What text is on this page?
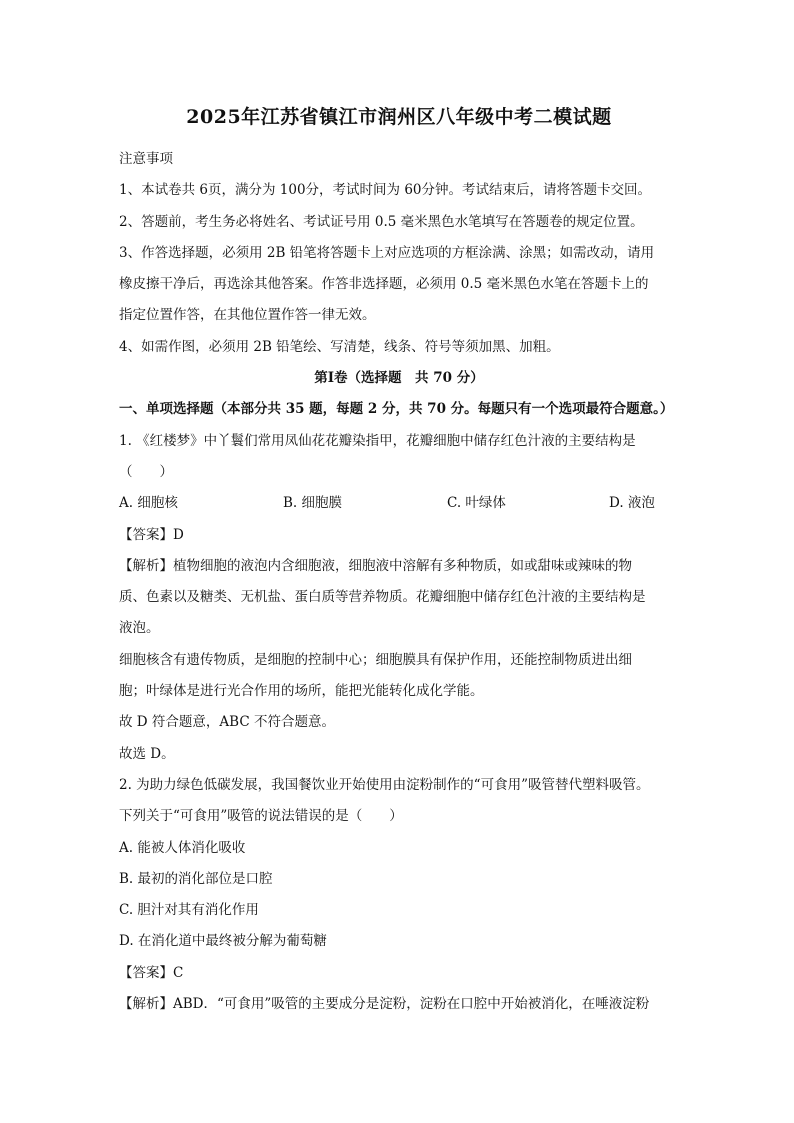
2025年江苏省镇江市润州区八年级中考二模试题
注意事项
1、本试卷共 6页，满分为 100分，考试时间为 60分钟。考试结束后，请将答题卡交回。
2、答题前，考生务必将姓名、考试证号用 0.5 毫米黑色水笔填写在答题卷的规定位置。
3、作答选择题，必须用 2B 铅笔将答题卡上对应选项的方框涂满、涂黑；如需改动，请用
橡皮擦干净后，再选涂其他答案。作答非选择题，必须用 0.5 毫米黑色水笔在答题卡上的
指定位置作答，在其他位置作答一律无效。
4、如需作图，必须用 2B 铅笔绘、写清楚，线条、符号等须加黑、加粗。
第Ⅰ卷（选择题　共 70 分）
一、单项选择题（本部分共 35 题，每题 2 分，共 70 分。每题只有一个选项最符合题意。）
1. 《红楼梦》中丫鬟们常用凤仙花花瓣染指甲，花瓣细胞中储存红色汁液的主要结构是
（　　）
A. 细胞核	B. 细胞膜	C. 叶绿体	D. 液泡
【答案】D
【解析】植物细胞的液泡内含细胞液，细胞液中溶解有多种物质，如或甜味或辣味的物
质、色素以及糖类、无机盐、蛋白质等营养物质。花瓣细胞中储存红色汁液的主要结构是
液泡。
细胞核含有遗传物质，是细胞的控制中心；细胞膜具有保护作用，还能控制物质进出细
胞；叶绿体是进行光合作用的场所，能把光能转化成化学能。
故 D 符合题意，ABC 不符合题意。
故选 D。
2. 为助力绿色低碳发展，我国餐饮业开始使用由淀粉制作的“可食用”吸管替代塑料吸管。
下列关于“可食用”吸管的说法错误的是（　　）
A. 能被人体消化吸收
B. 最初的消化部位是口腔
C. 胆汁对其有消化作用
D. 在消化道中最终被分解为葡萄糖
【答案】C
【解析】ABD．“可食用”吸管的主要成分是淀粉，淀粉在口腔中开始被消化，在唾液淀粉
